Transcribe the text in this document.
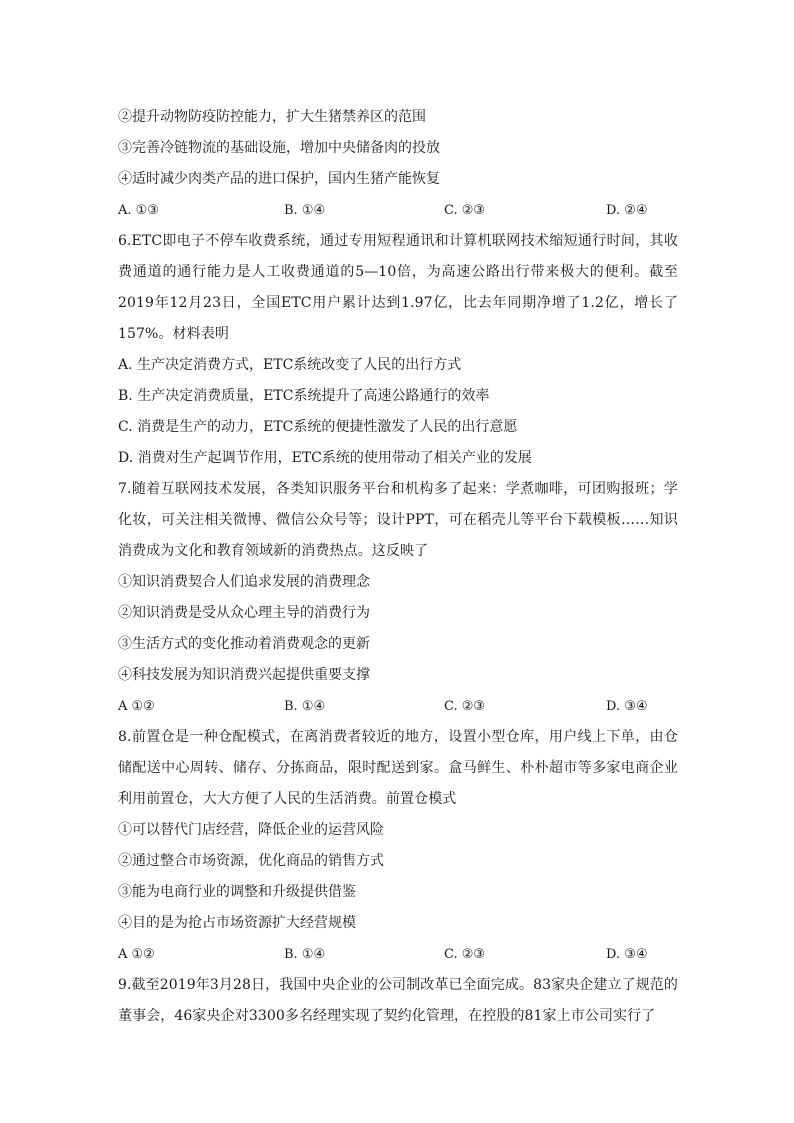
②提升动物防疫防控能力，扩大生猪禁养区的范围
③完善冷链物流的基础设施，增加中央储备肉的投放
④适时减少肉类产品的进口保护，国内生猪产能恢复
A. ①③	B. ①④	C. ②③	D. ②④
6.ETC即电子不停车收费系统，通过专用短程通讯和计算机联网技术缩短通行时间，其收费通道的通行能力是人工收费通道的5—10倍，为高速公路出行带来极大的便利。截至2019年12月23日，全国ETC用户累计达到1.97亿，比去年同期净增了1.2亿，增长了157%。材料表明
A. 生产决定消费方式，ETC系统改变了人民的出行方式
B. 生产决定消费质量，ETC系统提升了高速公路通行的效率
C. 消费是生产的动力，ETC系统的便捷性激发了人民的出行意愿
D. 消费对生产起调节作用，ETC系统的使用带动了相关产业的发展
7.随着互联网技术发展，各类知识服务平台和机构多了起来：学煮咖啡，可团购报班；学化妆，可关注相关微博、微信公众号等；设计PPT，可在稻壳儿等平台下载模板……知识消费成为文化和教育领域新的消费热点。这反映了
①知识消费契合人们追求发展的消费理念
②知识消费是受从众心理主导的消费行为
③生活方式的变化推动着消费观念的更新
④科技发展为知识消费兴起提供重要支撑
A ①②	B. ①④	C. ②③	D. ③④
8.前置仓是一种仓配模式，在离消费者较近的地方，设置小型仓库，用户线上下单，由仓储配送中心周转、储存、分拣商品，限时配送到家。盒马鲜生、朴朴超市等多家电商企业利用前置仓，大大方便了人民的生活消费。前置仓模式
①可以替代门店经营，降低企业的运营风险
②通过整合市场资源，优化商品的销售方式
③能为电商行业的调整和升级提供借鉴
④目的是为抢占市场资源扩大经营规模
A ①②	B. ①④	C. ②③	D. ③④
9.截至2019年3月28日，我国中央企业的公司制改革已全面完成。83家央企建立了规范的董事会，46家央企对3300多名经理实现了契约化管理，在控股的81家上市公司实行了
